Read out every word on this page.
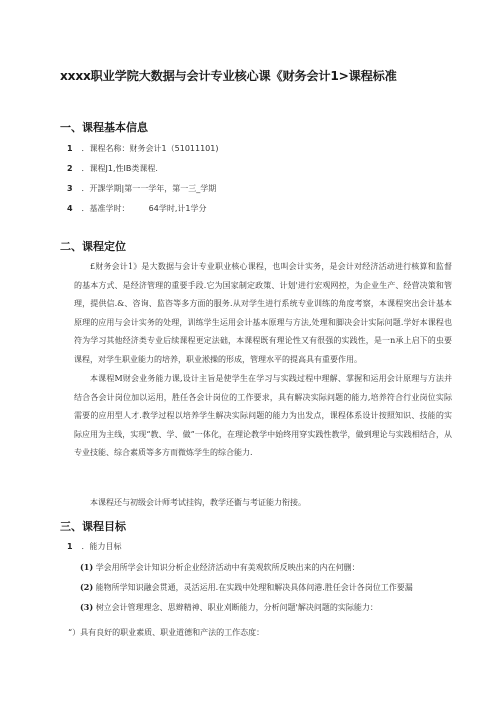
xxxx职业学院大数据与会计专业核心课《财务会计1>课程标准
一、课程基本信息
1 ．课程名称：财务会计1（51011101)
2 ．课程J1,性IB类课程.
3 ．开課学期|第一一学年，第一三_学期
4 ．基准学时： 64学时,计1学分
二、课程定位
£财务会计1》是大数据与会计专业职业核心课程，也叫会计实务，是会计对经济活动进行核算和监督的基本方式、是经济管理的重要手段.它为国家制定政策、计划'进行宏观网控，为企业生产、经营决策和管理，提供信.&、咨询、监咨等多方面的服务.从对学生进行系统专业训练的角度考察，本课程突出会计基本原理的应用与会计实务的处理，训练学生运用会计基本原理与方法,处理和脚决会计实际问题.学好本课程也符为学习其他经济类专业后续课程更定法础，本课程既有理论性又有很强的实践性，是一n承上启下的虫要课程，对学生职业能力的培养，职业淞操的形成，管理水平的提高具有重要作用。
本课程M财会业务能力课,设计主旨是使学生在学习与实践过程中理解、掌握和运用会计原理与方法并结合各会计岗位加以运用，胜任各会计岗位的工作要求，具有解决实际问题的能力,培养符合行业岗位实际需要的应用型人才.教学过程以培养学生解决实际问题的能力为出发点，课程体系设计按照知识、技能的实际应用为主线，实现“教、学、做”一体化，在理论教学中始终用穿实践性教学，做到理论与实践相结合，从专业技能、综合素质等多方而微炼学生的综合能力.
本课程还与初级会计师考试挂钩，教学还衞与考证能力衔接。
三、课程目标
1 ．能力目标
(1) 学会用所学会计知识分析企业经济活动中有美观软所反映出来的内在何删：
(2) 能物所学知识融会贯通，灵活运用.在实践中处理和解决具体问港.胜任会计各岗位工作要漏
(3) 树立会计管理理念、思辫精神、职业刈断能力，分析问题'解决问题的实际能力：
“）具有良好的职业素质、职业道德和产法的工作态度：
